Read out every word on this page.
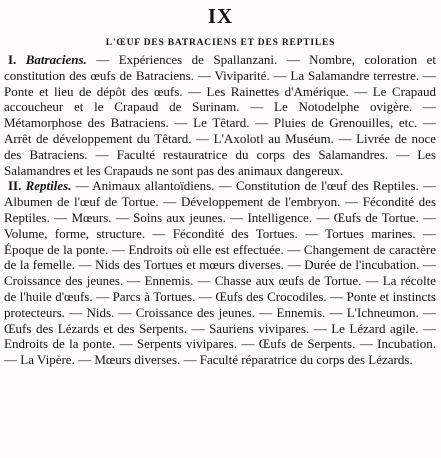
IX
L'ŒUF DES BATRACIENS ET DES REPTILES

I. Batraciens. — Expériences de Spallanzani. — Nombre, coloration et constitution des œufs de Batraciens. — Viviparité. — La Salamandre terrestre. — Ponte et lieu de dépôt des œufs. — Les Rainettes d'Amérique. — Le Crapaud accoucheur et le Crapaud de Surinam. — Le Notodelphe ovigère. — Métamorphose des Batraciens. — Le Têtard. — Pluies de Grenouilles, etc. — Arrêt de développement du Têtard. — L'Axolotl au Muséum. — Livrée de noce des Batraciens. — Faculté restauratrice du corps des Salamandres. — Les Salamandres et les Crapauds ne sont pas des animaux dangereux.

II. Reptiles. — Animaux allantoïdiens. — Constitution de l'œuf des Reptiles. — Albumen de l'œuf de Tortue. — Développement de l'embryon. — Fécondité des Reptiles. — Mœurs. — Soins aux jeunes. — Intelligence. — Œufs de Tortue. — Volume, forme, structure. — Fécondité des Tortues. — Tortues marines. — Époque de la ponte. — Endroits où elle est effectuée. — Changement de caractère de la femelle. — Nids des Tortues et mœurs diverses. — Durée de l'incubation. — Croissance des jeunes. — Ennemis. — Chasse aux œufs de Tortue. — La récolte de l'huile d'œufs. — Parcs à Tortues. — Œufs des Crocodiles. — Ponte et instincts protecteurs. — Nids. — Croissance des jeunes. — Ennemis. — L'Ichneumon. — Œufs des Lézards et des Serpents. — Sauriens vivipares. — Le Lézard agile. — Endroits de la ponte. — Serpents vivipares. — Œufs de Serpents. — Incubation. — La Vipère. — Mœurs diverses. — Faculté réparatrice du corps des Lézards.
